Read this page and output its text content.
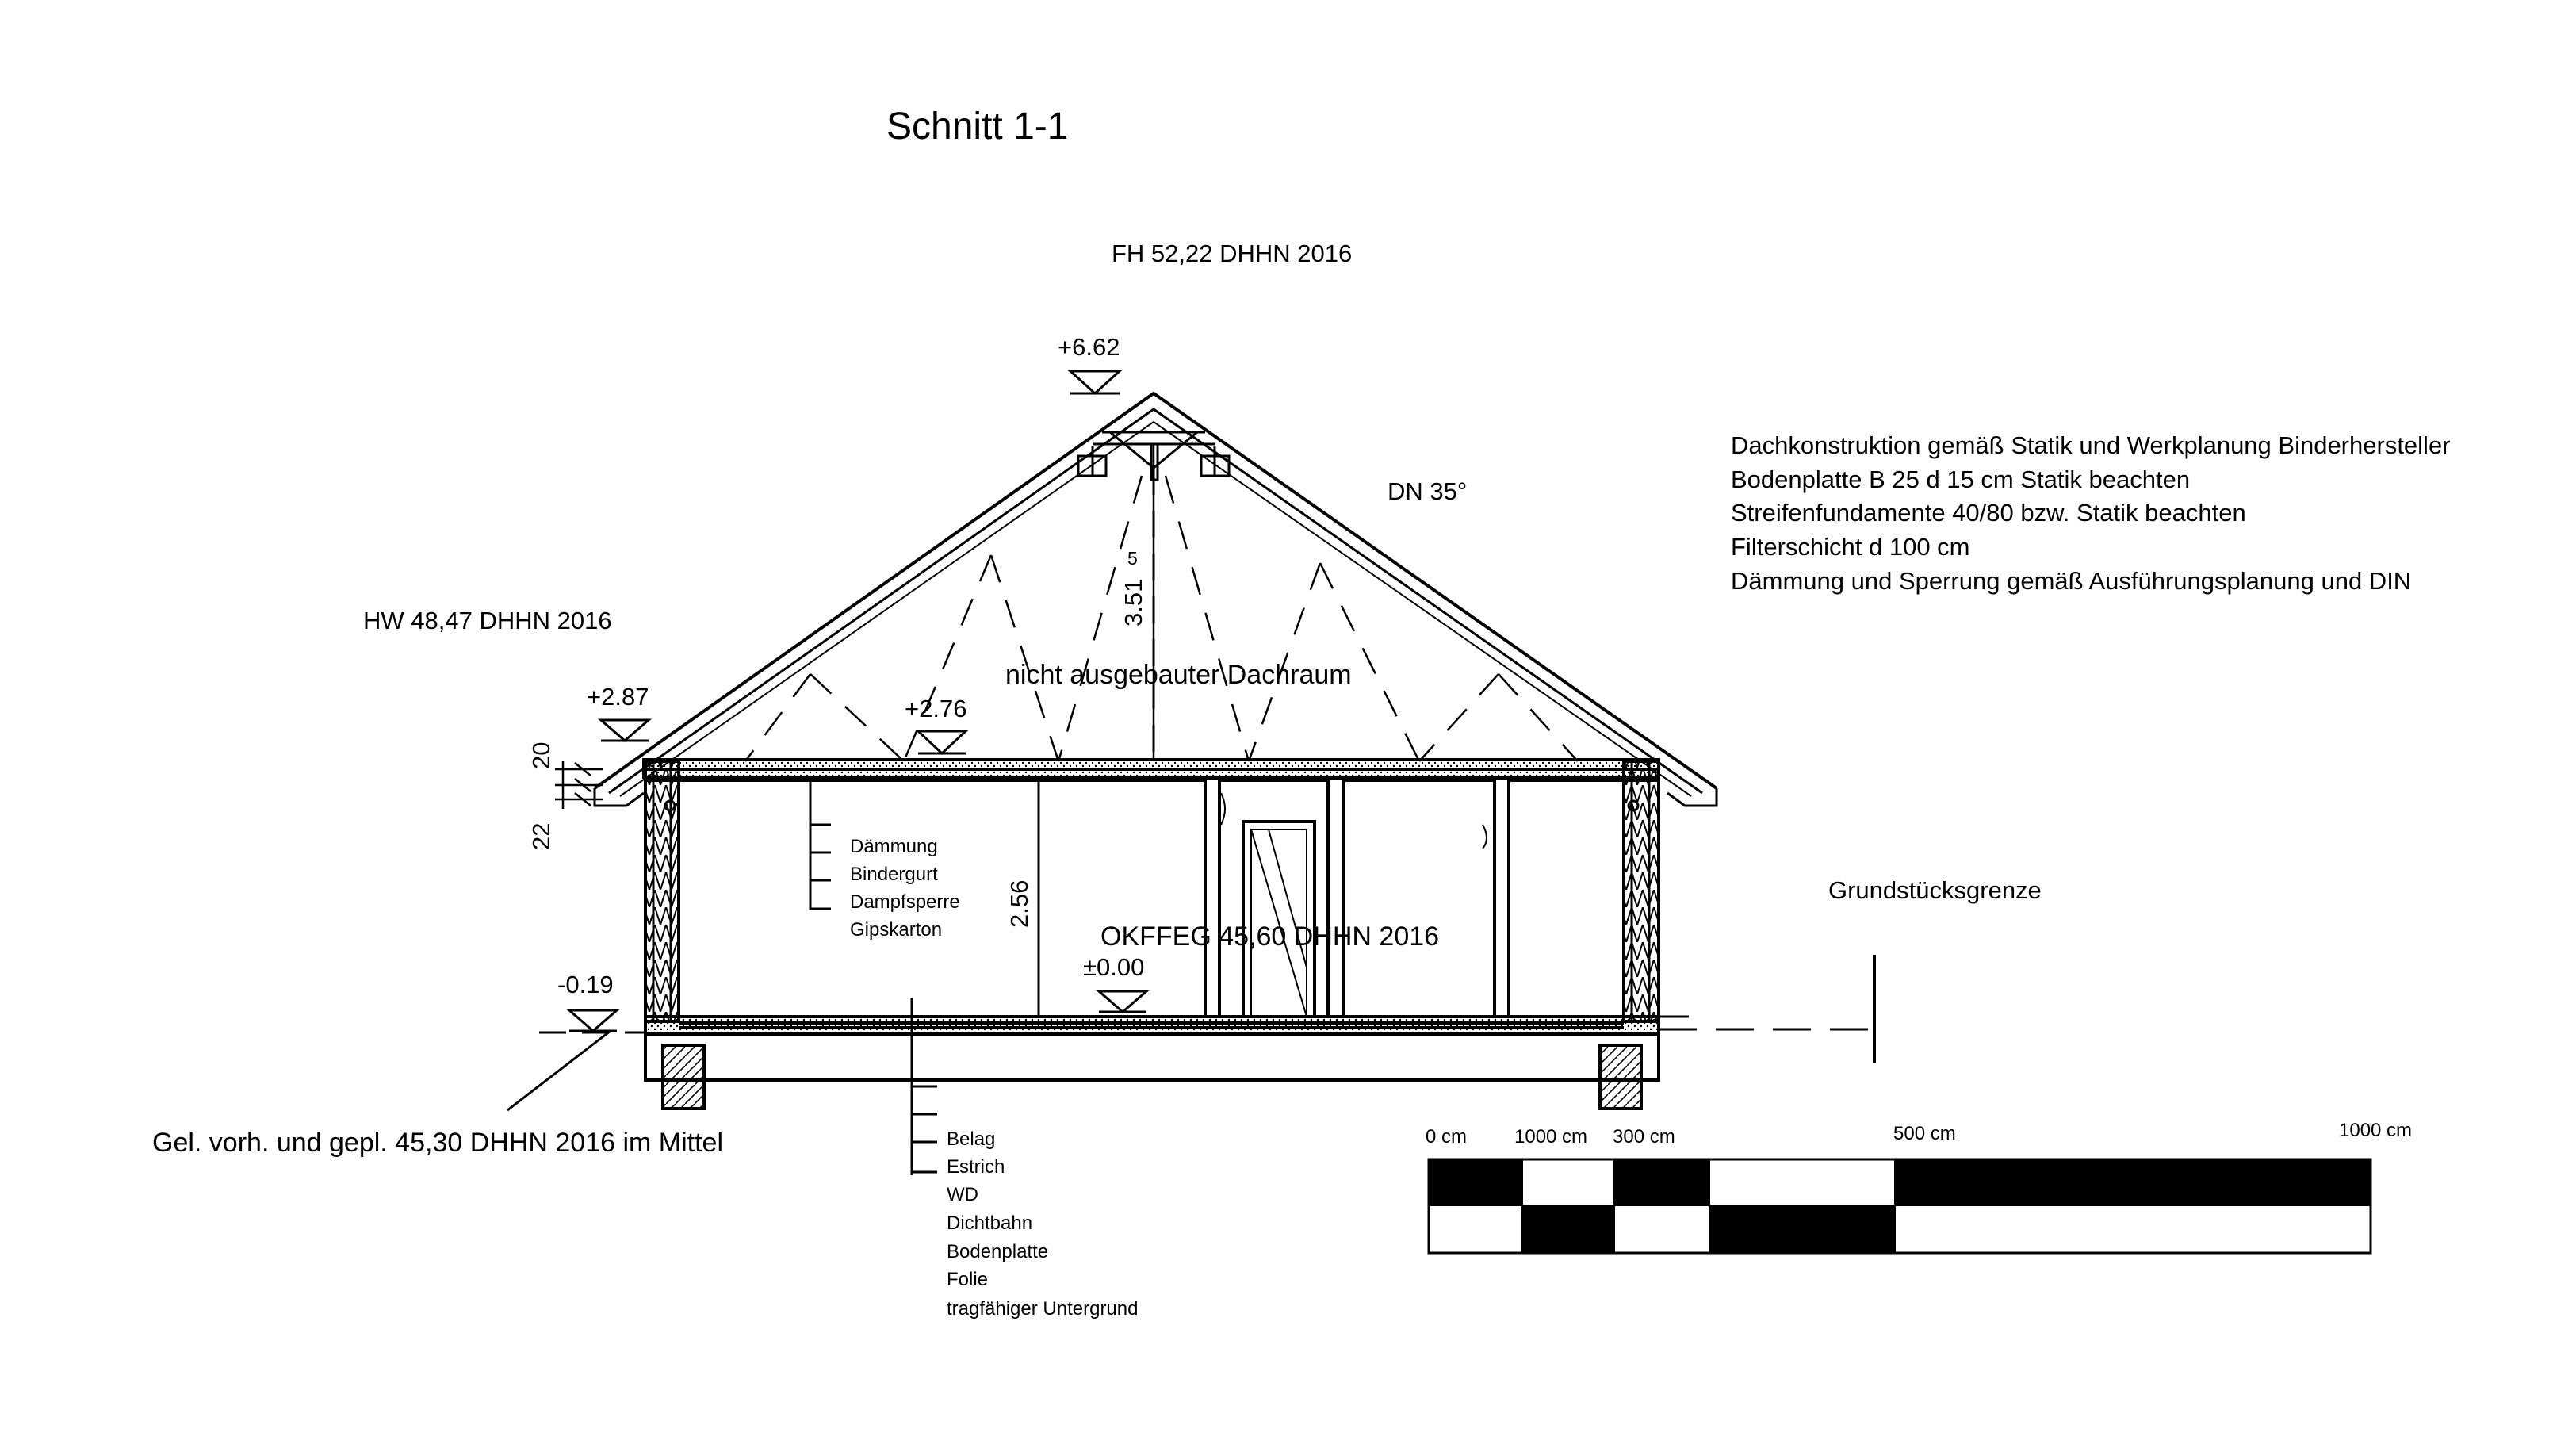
Schnitt 1-1
FH 52,22 DHHN 2016
+6.62
DN 35°
nicht ausgebauter Dachraum
3.51
5
HW 48,47 DHHN 2016
+2.87	+2.76
20
22
2.56
Dämmung
Bindergurt
Dampfsperre
Gipskarton	OKFFEG 45,60 DHHN 2016
±0.00
-0.19
Gel. vorh. und gepl. 45,30 DHHN 2016 im Mittel
Grundstücksgrenze
Belag
Estrich
WD
Dichtbahn
Bodenplatte
Folie
tragfähiger Untergrund
Dachkonstruktion gemäß Statik und Werkplanung Binderhersteller
Bodenplatte B 25 d 15 cm Statik beachten
Streifenfundamente 40/80 bzw. Statik beachten
Filterschicht d 100 cm
Dämmung und Sperrung gemäß Ausführungsplanung und DIN
0 cm 1000 cm 300 cm	500 cm	1000 cm
